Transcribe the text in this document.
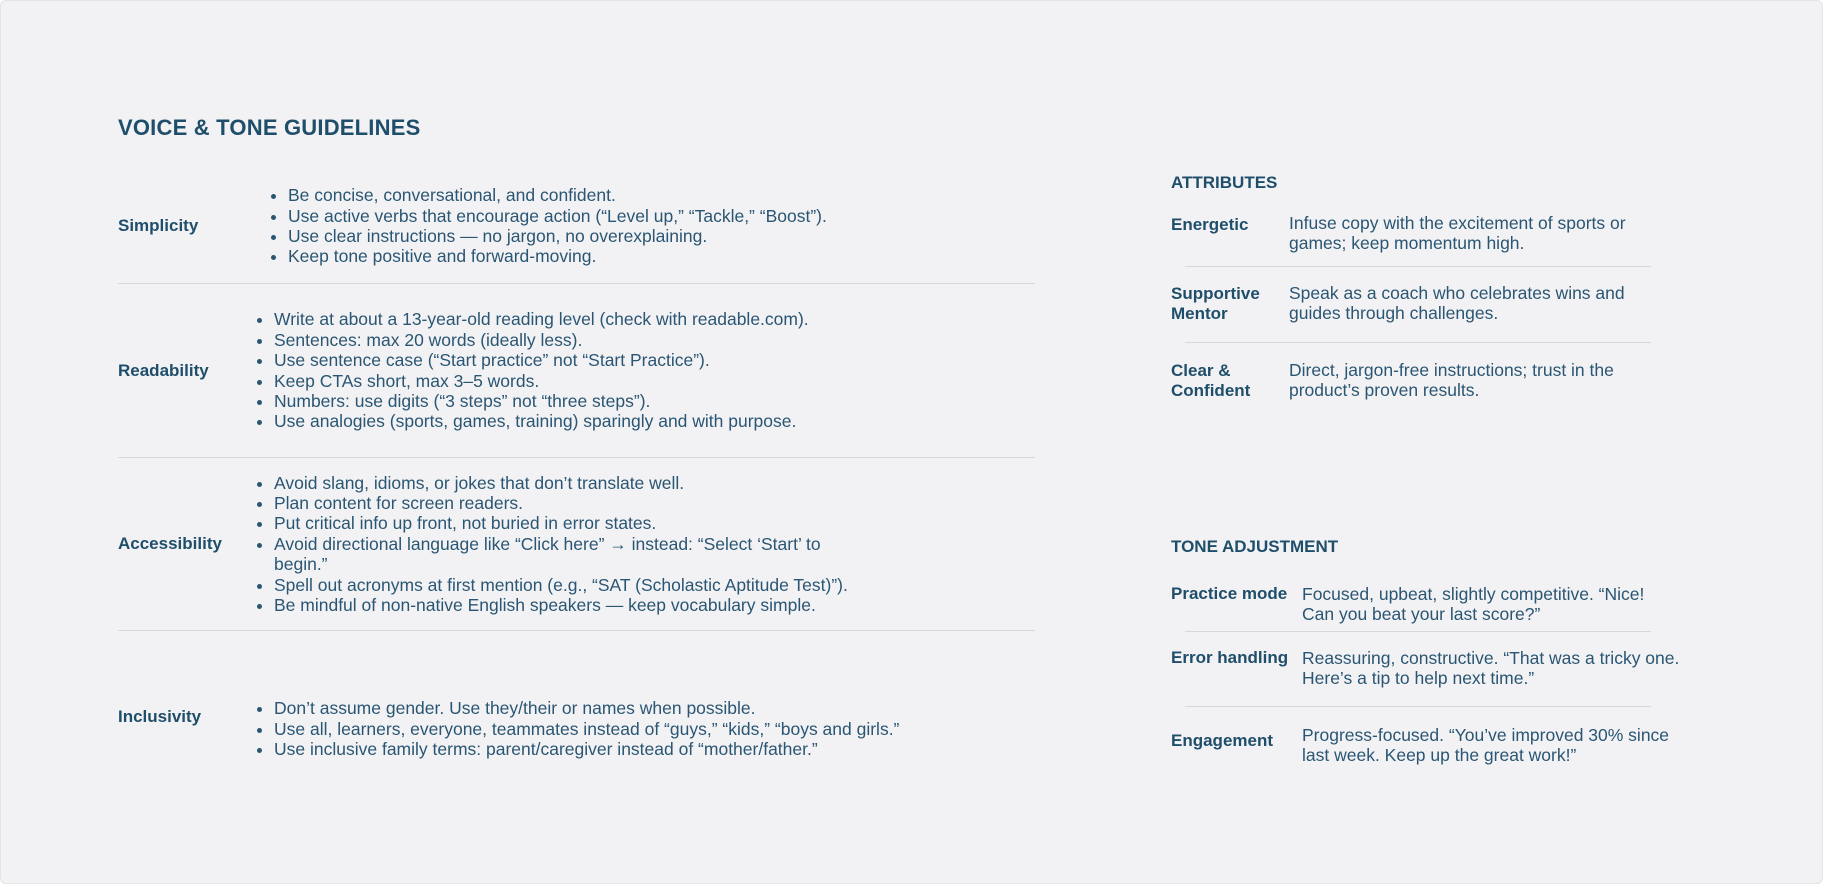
VOICE & TONE GUIDELINES
Simplicity
• Be concise, conversational, and confident.
• Use active verbs that encourage action (“Level up,” “Tackle,” “Boost”).
• Use clear instructions — no jargon, no overexplaining.
• Keep tone positive and forward-moving.
Readability
• Write at about a 13-year-old reading level (check with readable.com).
• Sentences: max 20 words (ideally less).
• Use sentence case (“Start practice” not “Start Practice”).
• Keep CTAs short, max 3–5 words.
• Numbers: use digits (“3 steps” not “three steps”).
• Use analogies (sports, games, training) sparingly and with purpose.
Accessibility
• Avoid slang, idioms, or jokes that don’t translate well.
• Plan content for screen readers.
• Put critical info up front, not buried in error states.
• Avoid directional language like “Click here” → instead: “Select ‘Start’ to begin.”
• Spell out acronyms at first mention (e.g., “SAT (Scholastic Aptitude Test)”).
• Be mindful of non-native English speakers — keep vocabulary simple.
Inclusivity
•	Don’t assume gender. Use they/their or names when possible.
• Use all, learners, everyone, teammates instead of “guys,” “kids,” “boys and girls.”
• Use inclusive family terms: parent/caregiver instead of “mother/father.”
ATTRIBUTES
Energetic	Infuse copy with the excitement of sports or games; keep momentum high.
Supportive Mentor
Speak as a coach who celebrates wins and guides through challenges.
Clear & Confident
Direct, jargon-free instructions; trust in the product’s proven results.
TONE ADJUSTMENT
Practice mode Focused, upbeat, slightly competitive. “Nice! Can you beat your last score?”
Error handling Reassuring, constructive. “That was a tricky one. Here’s a tip to help next time.”
Engagement	Progress-focused. “You’ve improved 30% since last week. Keep up the great work!”
